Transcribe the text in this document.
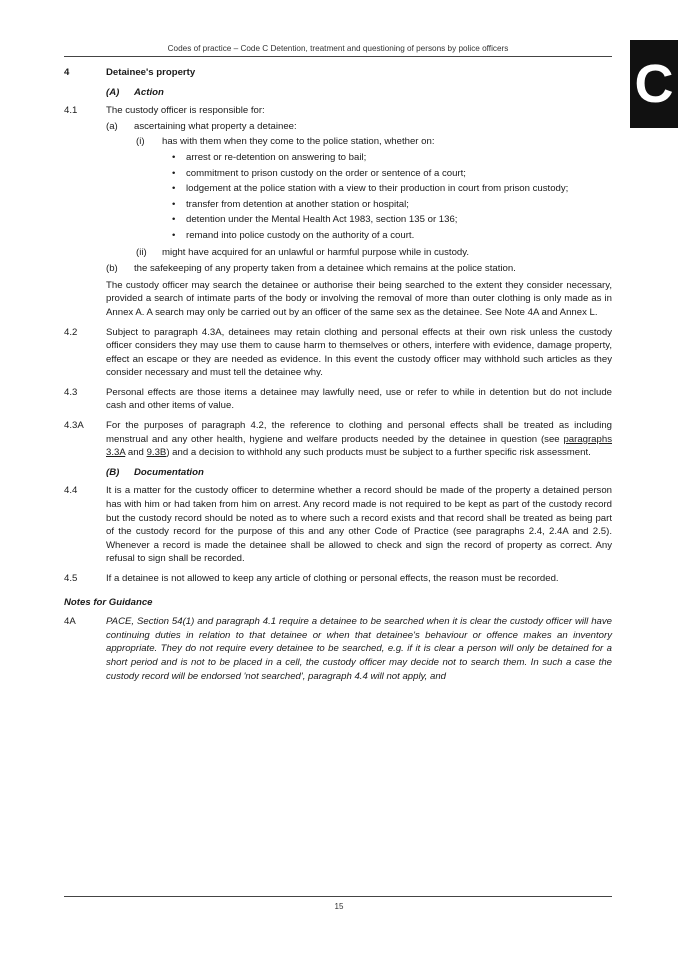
Codes of practice – Code C Detention, treatment and questioning of persons by police officers
C
4	Detainee's property
(A) Action
4.1	The custody officer is responsible for:
(a) ascertaining what property a detainee:
(i) has with them when they come to the police station, whether on:
• arrest or re-detention on answering to bail;
• commitment to prison custody on the order or sentence of a court;
• lodgement at the police station with a view to their production in court from prison custody;
• transfer from detention at another station or hospital;
• detention under the Mental Health Act 1983, section 135 or 136;
• remand into police custody on the authority of a court.
(ii) might have acquired for an unlawful or harmful purpose while in custody.
(b) the safekeeping of any property taken from a detainee which remains at the police station.
The custody officer may search the detainee or authorise their being searched to the extent they consider necessary, provided a search of intimate parts of the body or involving the removal of more than outer clothing is only made as in Annex A. A search may only be carried out by an officer of the same sex as the detainee. See Note 4A and Annex L.
4.2	Subject to paragraph 4.3A, detainees may retain clothing and personal effects at their own risk unless the custody officer considers they may use them to cause harm to themselves or others, interfere with evidence, damage property, effect an escape or they are needed as evidence. In this event the custody officer may withhold such articles as they consider necessary and must tell the detainee why.
4.3	Personal effects are those items a detainee may lawfully need, use or refer to while in detention but do not include cash and other items of value.
4.3A For the purposes of paragraph 4.2, the reference to clothing and personal effects shall be treated as including menstrual and any other health, hygiene and welfare products needed by the detainee in question (see paragraphs 3.3A and 9.3B) and a decision to withhold any such products must be subject to a further specific risk assessment.
(B) Documentation
4.4	It is a matter for the custody officer to determine whether a record should be made of the property a detained person has with him or had taken from him on arrest. Any record made is not required to be kept as part of the custody record but the custody record should be noted as to where such a record exists and that record shall be treated as being part of the custody record for the purpose of this and any other Code of Practice (see paragraphs 2.4, 2.4A and 2.5). Whenever a record is made the detainee shall be allowed to check and sign the record of property as correct. Any refusal to sign shall be recorded.
4.5	If a detainee is not allowed to keep any article of clothing or personal effects, the reason must be recorded.
Notes for Guidance
4A	PACE, Section 54(1) and paragraph 4.1 require a detainee to be searched when it is clear the custody officer will have continuing duties in relation to that detainee or when that detainee's behaviour or offence makes an inventory appropriate. They do not require every detainee to be searched, e.g. if it is clear a person will only be detained for a short period and is not to be placed in a cell, the custody officer may decide not to search them. In such a case the custody record will be endorsed 'not searched', paragraph 4.4 will not apply, and
15
